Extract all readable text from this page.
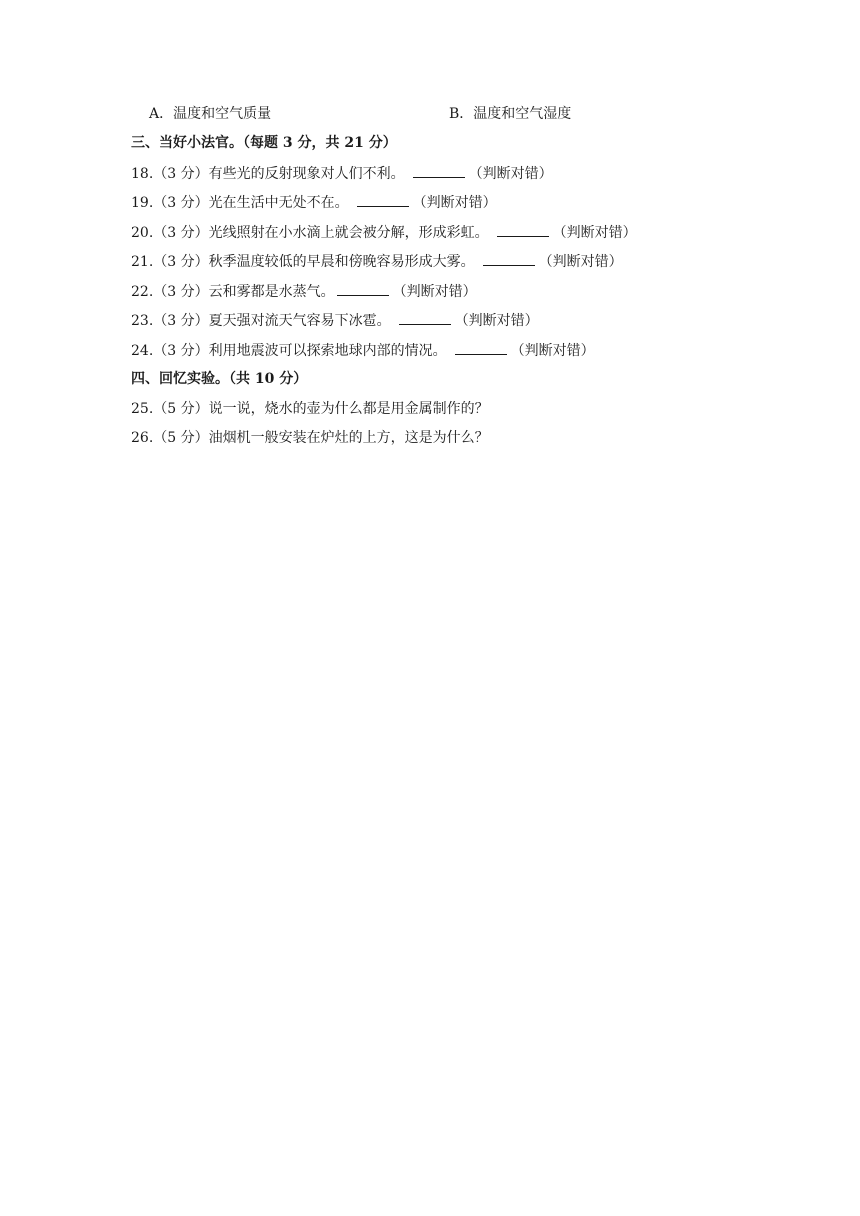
A．温度和空气质量	B．温度和空气湿度
三、当好小法官。（每题 3 分，共 21 分）
18.（3 分）有些光的反射现象对人们不利。	（判断对错）
19.（3 分）光在生活中无处不在。	（判断对错）
20.（3 分）光线照射在小水滴上就会被分解，形成彩虹。	（判断对错）
21.（3 分）秋季温度较低的早晨和傍晚容易形成大雾。	（判断对错）
22.（3 分）云和雾都是水蒸气。	（判断对错）
23.（3 分）夏天强对流天气容易下冰雹。	（判断对错）
24.（3 分）利用地震波可以探索地球内部的情况。	（判断对错）
四、回忆实验。（共 10 分）
25.（5 分）说一说，烧水的壶为什么都是用金属制作的？
26.（5 分）油烟机一般安装在炉灶的上方，这是为什么？
